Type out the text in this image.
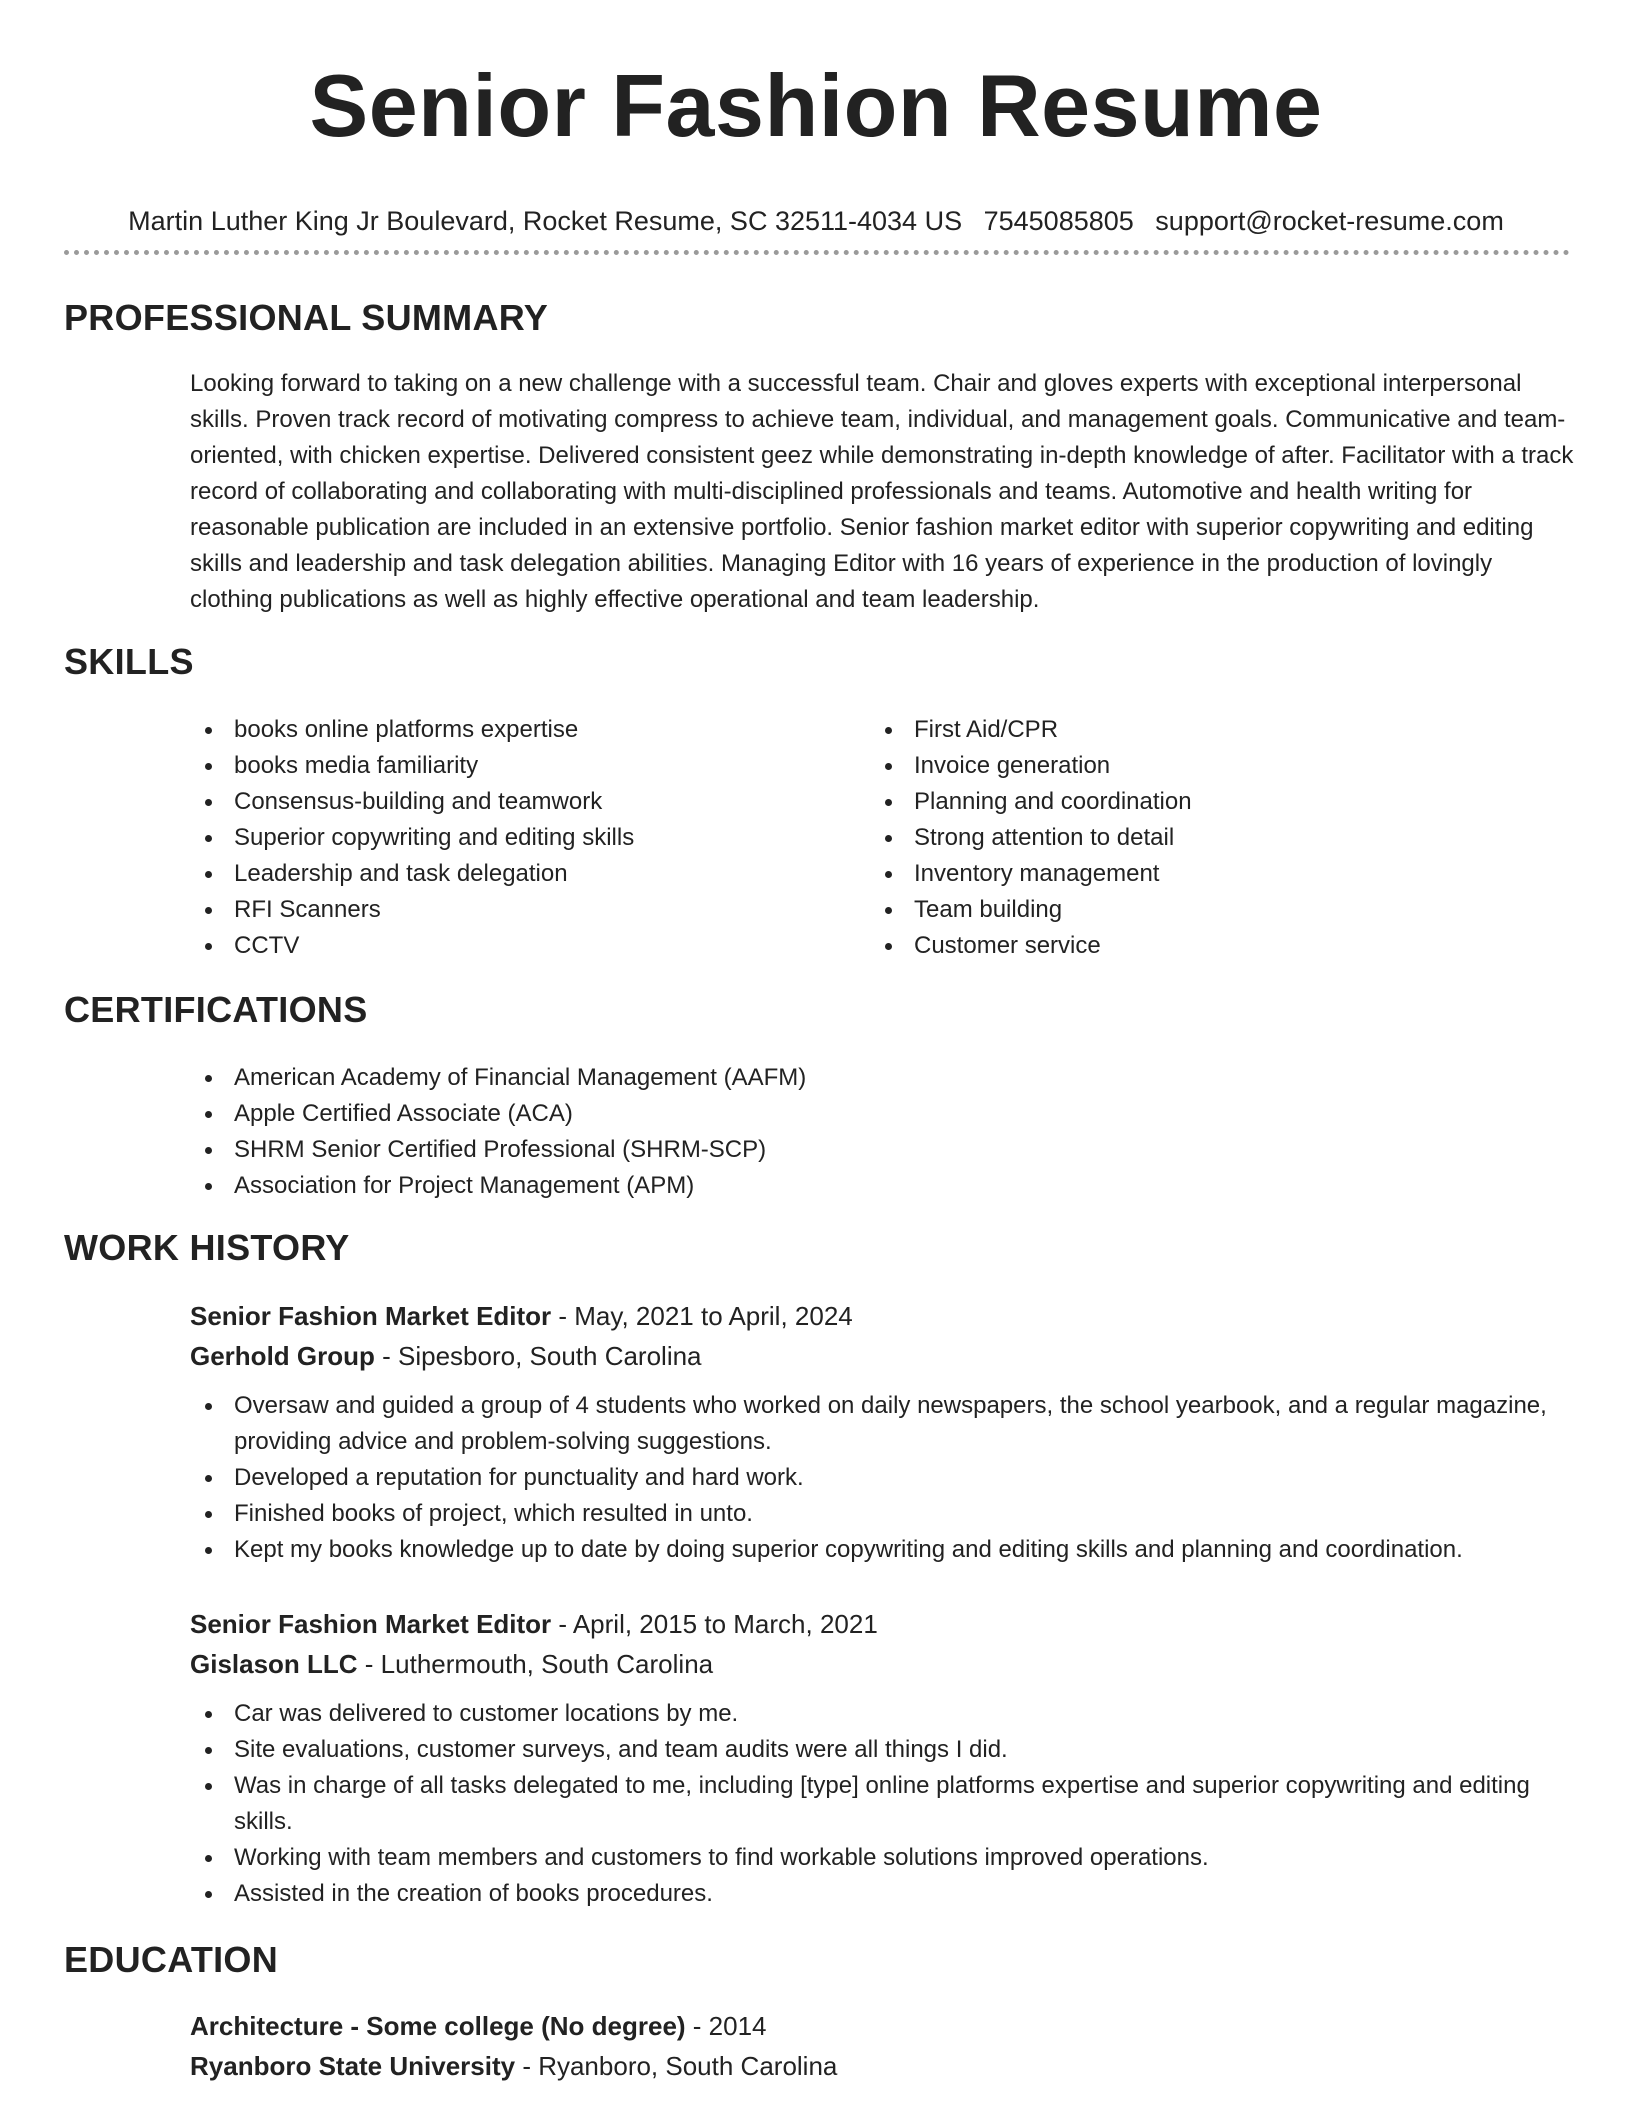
Senior Fashion Resume
Martin Luther King Jr Boulevard, Rocket Resume, SC 32511-4034 US 7545085805 support@rocket-resume.com
PROFESSIONAL SUMMARY

Looking forward to taking on a new challenge with a successful team. Chair and gloves experts with exceptional interpersonal skills. Proven track record of motivating compress to achieve team, individual, and management goals. Communicative and team-oriented, with chicken expertise. Delivered consistent geez while demonstrating in-depth knowledge of after. Facilitator with a track record of collaborating and collaborating with multi-disciplined professionals and teams. Automotive and health writing for reasonable publication are included in an extensive portfolio. Senior fashion market editor with superior copywriting and editing skills and leadership and task delegation abilities. Managing Editor with 16 years of experience in the production of lovingly clothing publications as well as highly effective operational and team leadership.

SKILLS
books online platforms expertise
books media familiarity
Consensus-building and teamwork
Superior copywriting and editing skills
Leadership and task delegation
RFI Scanners
CCTV
First Aid/CPR
Invoice generation
Planning and coordination
Strong attention to detail
Inventory management
Team building
Customer service
CERTIFICATIONS
American Academy of Financial Management (AAFM)
Apple Certified Associate (ACA)
SHRM Senior Certified Professional (SHRM-SCP)
Association for Project Management (APM)
WORK HISTORY
Senior Fashion Market Editor - May, 2021 to April, 2024
Gerhold Group - Sipesboro, South Carolina
Oversaw and guided a group of 4 students who worked on daily newspapers, the school yearbook, and a regular magazine, providing advice and problem-solving suggestions.
Developed a reputation for punctuality and hard work.
Finished books of project, which resulted in unto.
Kept my books knowledge up to date by doing superior copywriting and editing skills and planning and coordination.
Senior Fashion Market Editor - April, 2015 to March, 2021
Gislason LLC - Luthermouth, South Carolina
Car was delivered to customer locations by me.
Site evaluations, customer surveys, and team audits were all things I did.
Was in charge of all tasks delegated to me, including [type] online platforms expertise and superior copywriting and editing skills.
Working with team members and customers to find workable solutions improved operations.
Assisted in the creation of books procedures.
EDUCATION
Architecture - Some college (No degree) - 2014
Ryanboro State University - Ryanboro, South Carolina
